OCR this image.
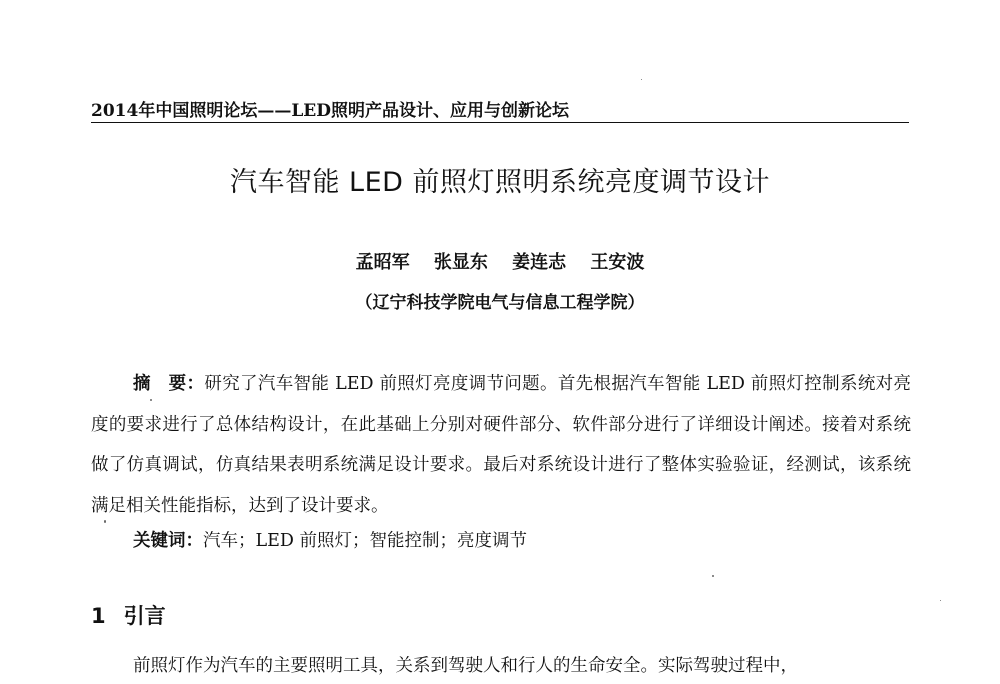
2014年中国照明论坛——LED照明产品设计、应用与创新论坛
汽车智能 LED 前照灯照明系统亮度调节设计
孟昭军 张显东 姜连志 王安波
（辽宁科技学院电气与信息工程学院）
摘　要：研究了汽车智能 LED 前照灯亮度调节问题。首先根据汽车智能 LED 前照灯控制系统对亮度的要求进行了总体结构设计，在此基础上分别对硬件部分、软件部分进行了详细设计阐述。接着对系统做了仿真调试，仿真结果表明系统满足设计要求。最后对系统设计进行了整体实验验证，经测试，该系统满足相关性能指标，达到了设计要求。
关键词：汽车；LED 前照灯；智能控制；亮度调节
1 引言
前照灯作为汽车的主要照明工具，关系到驾驶人和行人的生命安全。实际驾驶过程中，
